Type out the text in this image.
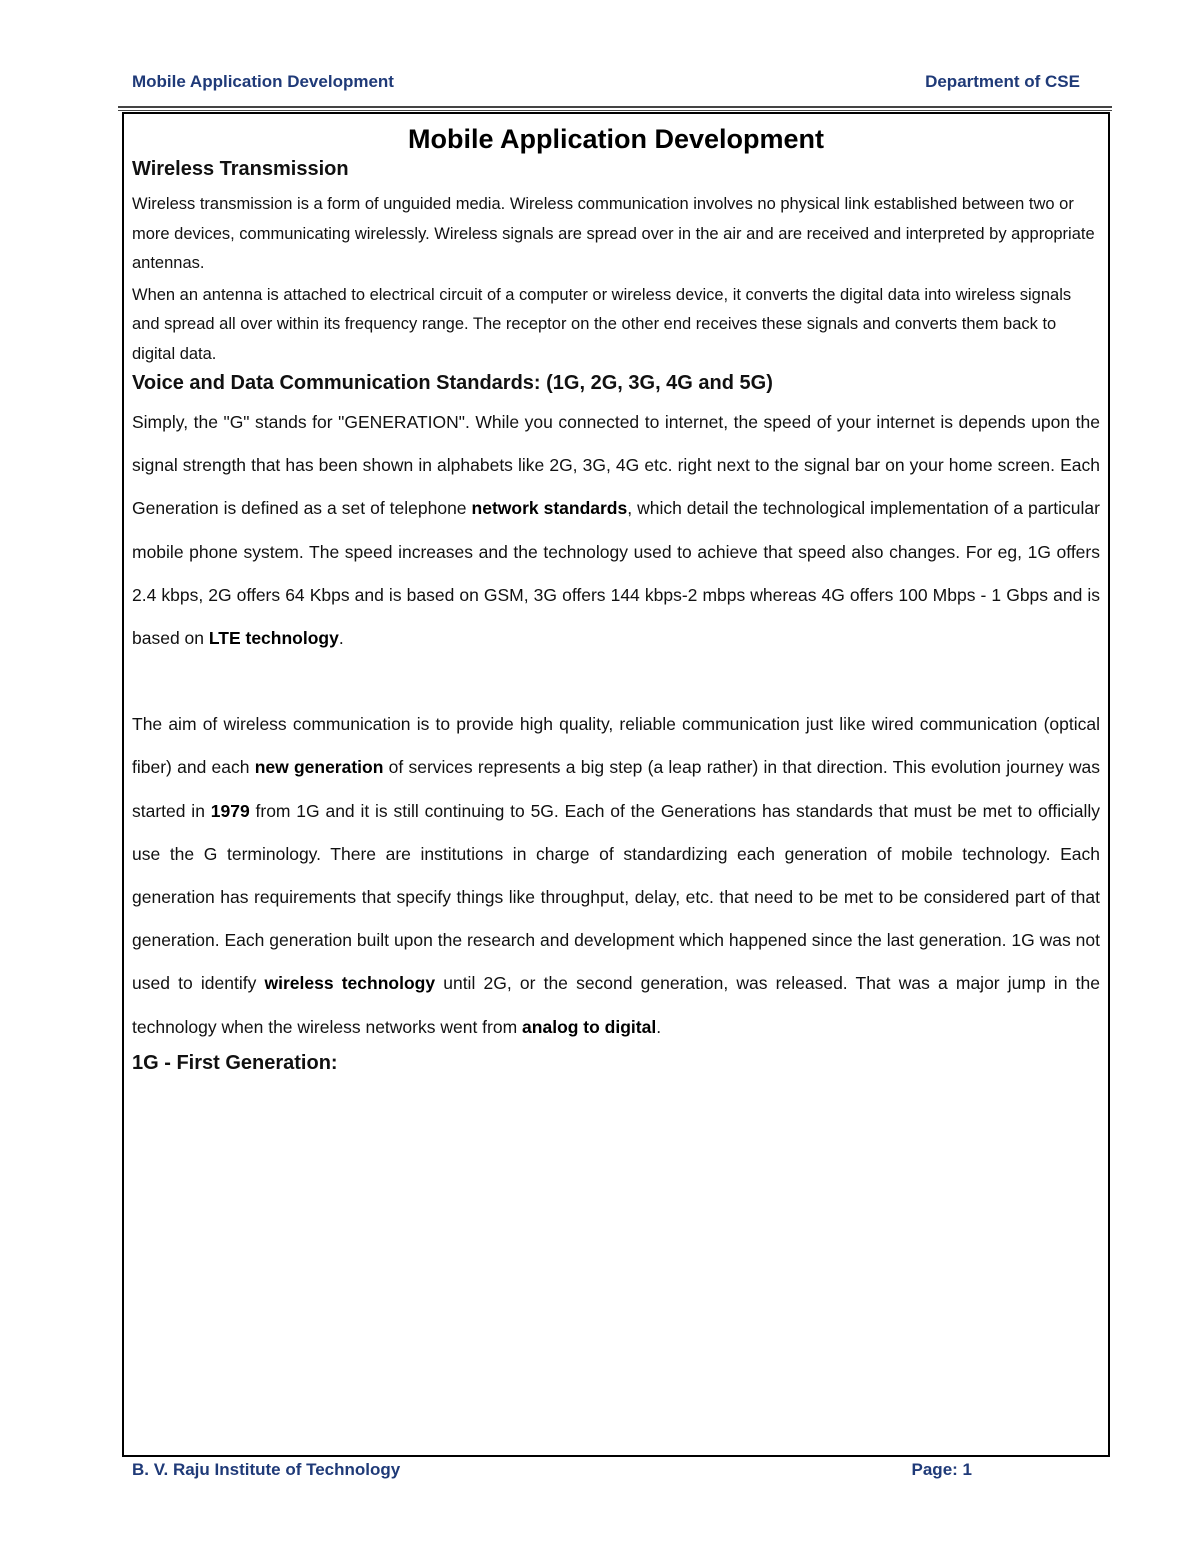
Mobile Application Development	Department of CSE
Mobile Application Development
Wireless Transmission

Wireless transmission is a form of unguided media. Wireless communication involves no physical link established between two or more devices, communicating wirelessly. Wireless signals are spread over in the air and are received and interpreted by appropriate antennas.

When an antenna is attached to electrical circuit of a computer or wireless device, it converts the digital data into wireless signals and spread all over within its frequency range. The receptor on the other end receives these signals and converts them back to digital data.

Voice and Data Communication Standards: (1G, 2G, 3G, 4G and 5G)

Simply, the "G" stands for "GENERATION". While you connected to internet, the speed of your internet is depends upon the signal strength that has been shown in alphabets like 2G, 3G, 4G etc. right next to the signal bar on your home screen. Each Generation is defined as a set of telephone network standards, which detail the technological implementation of a particular mobile phone system. The speed increases and the technology used to achieve that speed also changes. For eg, 1G offers 2.4 kbps, 2G offers 64 Kbps and is based on GSM, 3G offers 144 kbps-2 mbps whereas 4G offers 100 Mbps - 1 Gbps and is based on LTE technology.

The aim of wireless communication is to provide high quality, reliable communication just like wired communication (optical fiber) and each new generation of services represents a big step (a leap rather) in that direction. This evolution journey was started in 1979 from 1G and it is still continuing to 5G. Each of the Generations has standards that must be met to officially use the G terminology. There are institutions in charge of standardizing each generation of mobile technology. Each generation has requirements that specify things like throughput, delay, etc. that need to be met to be considered part of that generation. Each generation built upon the research and development which happened since the last generation. 1G was not used to identify wireless technology until 2G, or the second generation, was released. That was a major jump in the technology when the wireless networks went from analog to digital.

1G - First Generation:
B. V. Raju Institute of Technology	Page: 1
